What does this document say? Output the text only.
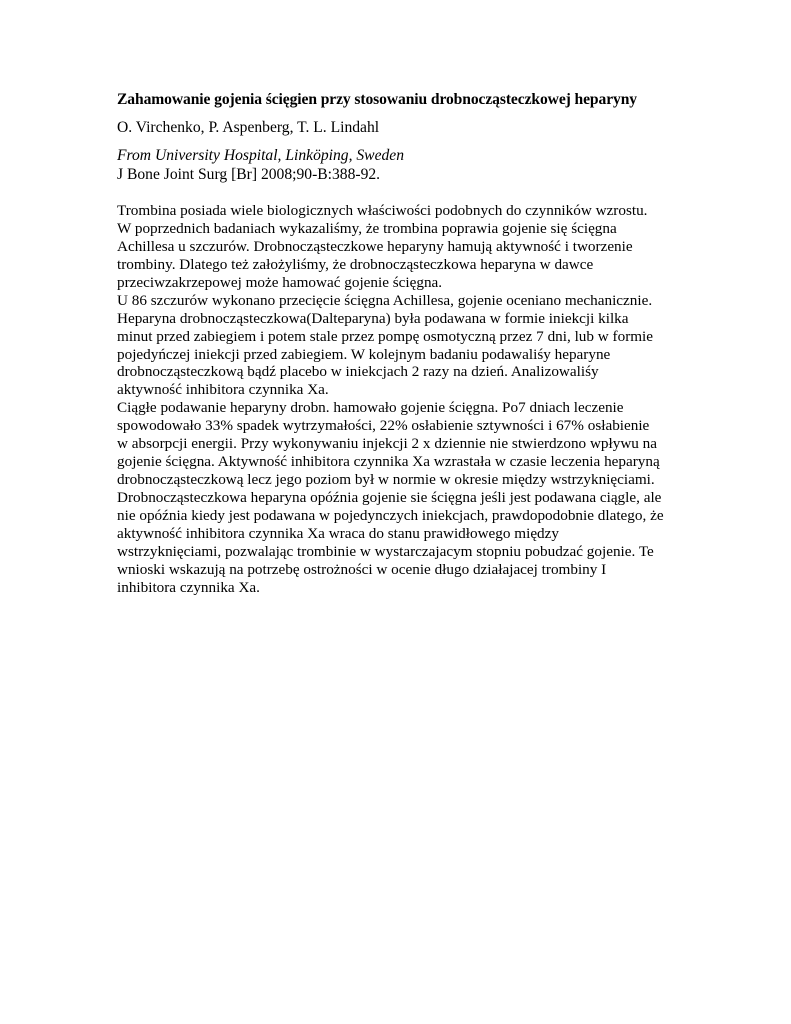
Zahamowanie gojenia ścięgien przy stosowaniu drobnocząsteczkowej heparyny

O. Virchenko, P. Aspenberg, T. L. Lindahl

From University Hospital, Linköping, Sweden

J Bone Joint Surg [Br] 2008;90-B:388-92.

Trombina posiada wiele biologicznych właściwości podobnych do czynników wzrostu.
W poprzednich badaniach wykazaliśmy, że trombina poprawia gojenie się ścięgna
Achillesa u szczurów. Drobnocząsteczkowe heparyny hamują aktywność i tworzenie
trombiny. Dlatego też założyliśmy, że drobnocząsteczkowa heparyna w dawce
przeciwzakrzepowej może hamować gojenie ścięgna.
U 86 szczurów wykonano przecięcie ścięgna Achillesa, gojenie oceniano mechanicznie.
Heparyna drobnocząsteczkowa(Dalteparyna) była podawana w formie iniekcji kilka
minut przed zabiegiem i potem stale przez pompę osmotyczną przez 7 dni, lub w formie
pojedyńczej iniekcji przed zabiegiem. W kolejnym badaniu podawaliśy heparyne
drobnocząsteczkową bądź placebo w iniekcjach 2 razy na dzień. Analizowaliśy
aktywność inhibitora czynnika Xa.
Ciągłe podawanie heparyny drobn. hamowało gojenie ścięgna. Po7 dniach leczenie
spowodowało 33% spadek wytrzymałości, 22% osłabienie sztywności i 67% osłabienie
w absorpcji energii. Przy wykonywaniu injekcji 2 x dziennie nie stwierdzono wpływu na
gojenie ścięgna. Aktywność inhibitora czynnika Xa wzrastała w czasie leczenia heparyną
drobnocząsteczkową lecz jego poziom był w normie w okresie między wstrzyknięciami.
Drobnocząsteczkowa heparyna opóźnia gojenie sie ścięgna jeśli jest podawana ciągle, ale
nie opóźnia kiedy jest podawana w pojedynczych iniekcjach, prawdopodobnie dlatego, że
aktywność inhibitora czynnika Xa wraca do stanu prawidłowego między
wstrzyknięciami, pozwalając trombinie w wystarczajacym stopniu pobudzać gojenie. Te
wnioski wskazują na potrzebę ostrożności w ocenie długo działajacej trombiny I
inhibitora czynnika Xa.
